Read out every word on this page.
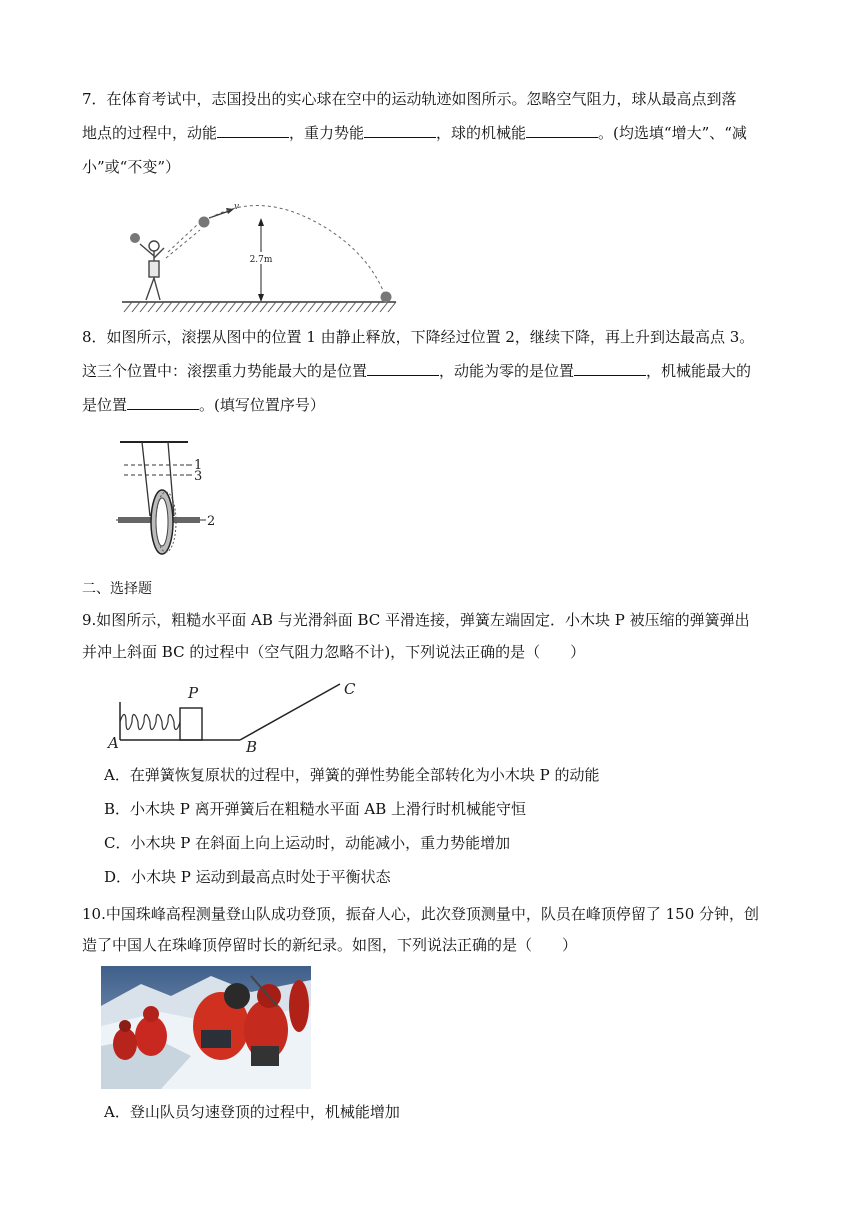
7．在体育考试中，志国投出的实心球在空中的运动轨迹如图所示。忽略空气阻力，球从最高点到落
地点的过程中，动能	，重力势能	，球的机械能	。(均选填“增大”、“减
小”或“不变”）
v
2.7m
8．如图所示，滚摆从图中的位置 1 由静止释放，下降经过位置 2，继续下降，再上升到达最高点 3。
这三个位置中：滚摆重力势能最大的是位置	，动能为零的是位置	，机械能最大的
是位置	。(填写位置序号）
1
3
2
二、选择题
9.如图所示，粗糙水平面 AB 与光滑斜面 BC 平滑连接，弹簧左端固定．小木块 P 被压缩的弹簧弹出
并冲上斜面 BC 的过程中（空气阻力忽略不计)，下列说法正确的是（　　）
P
A	B
C
A．在弹簧恢复原状的过程中，弹簧的弹性势能全部转化为小木块 P 的动能
B．小木块 P 离开弹簧后在粗糙水平面 AB 上滑行时机械能守恒
C．小木块 P 在斜面上向上运动时，动能减小，重力势能增加
D．小木块 P 运动到最高点时处于平衡状态
10.中国珠峰高程测量登山队成功登顶，振奋人心，此次登顶测量中，队员在峰顶停留了 150 分钟，创
造了中国人在珠峰顶停留时长的新纪录。如图，下列说法正确的是（　　）
A．登山队员匀速登顶的过程中，机械能增加
